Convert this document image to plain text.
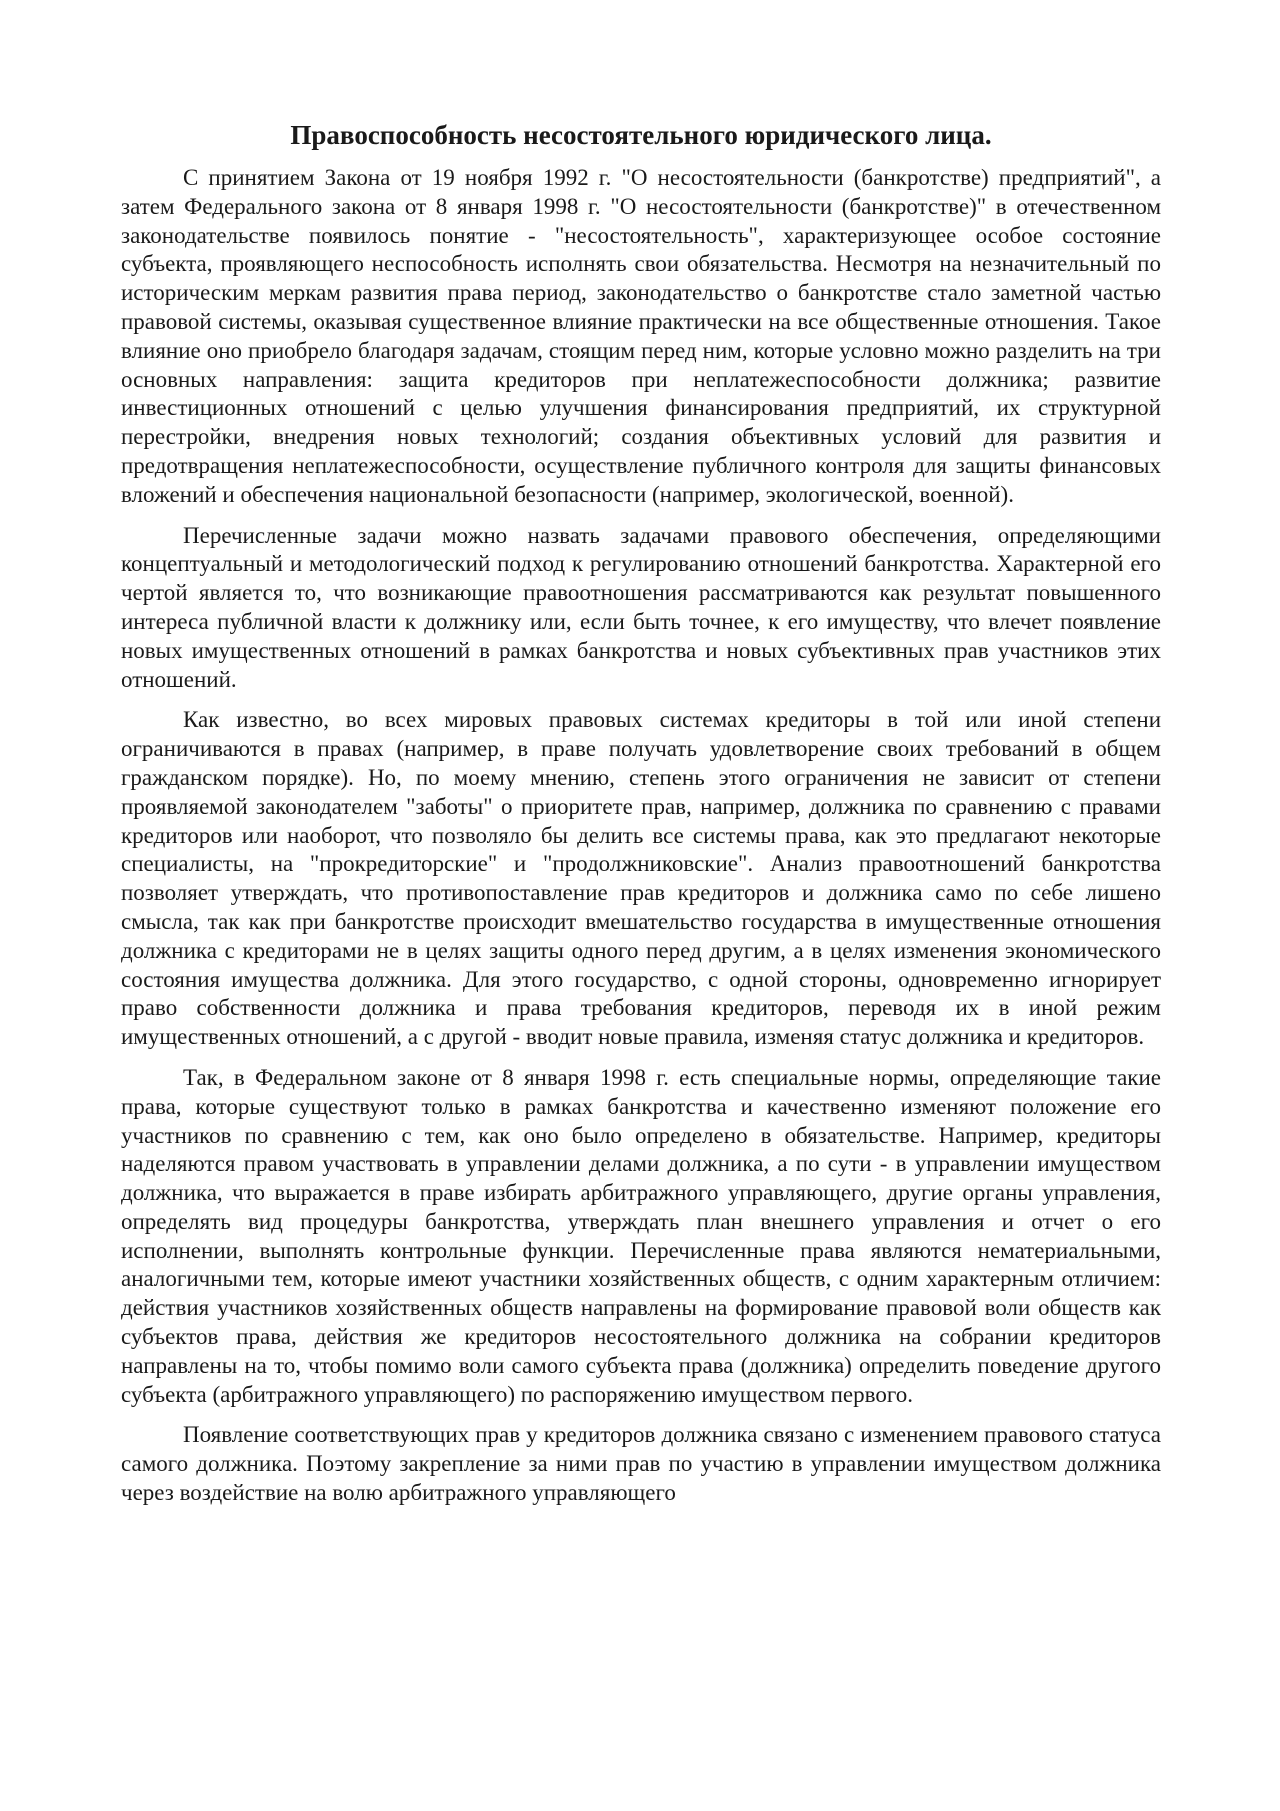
Правоспособность несостоятельного юридического лица.

С принятием Закона от 19 ноября 1992 г. "О несостоятельности (банкротстве) предприятий", а затем Федерального закона от 8 января 1998 г. "О несостоятельности (банкротстве)" в отечественном законодательстве появилось понятие - "несостоятельность", характеризующее особое состояние субъекта, проявляющего неспособность исполнять свои обязательства. Несмотря на незначительный по историческим меркам развития права период, законодательство о банкротстве стало заметной частью правовой системы, оказывая существенное влияние практически на все общественные отношения. Такое влияние оно приобрело благодаря задачам, стоящим перед ним, которые условно можно разделить на три основных направления: защита кредиторов при неплатежеспособности должника; развитие инвестиционных отношений с целью улучшения финансирования предприятий, их структурной перестройки, внедрения новых технологий; создания объективных условий для развития и предотвращения неплатежеспособности, осуществление публичного контроля для защиты финансовых вложений и обеспечения национальной безопасности (например, экологической, военной).

Перечисленные задачи можно назвать задачами правового обеспечения, определяющими концептуальный и методологический подход к регулированию отношений банкротства. Характерной его чертой является то, что возникающие правоотношения рассматриваются как результат повышенного интереса публичной власти к должнику или, если быть точнее, к его имуществу, что влечет появление новых имущественных отношений в рамках банкротства и новых субъективных прав участников этих отношений.

Как известно, во всех мировых правовых системах кредиторы в той или иной степени ограничиваются в правах (например, в праве получать удовлетворение своих требований в общем гражданском порядке). Но, по моему мнению, степень этого ограничения не зависит от степени проявляемой законодателем "заботы" о приоритете прав, например, должника по сравнению с правами кредиторов или наоборот, что позволяло бы делить все системы права, как это предлагают некоторые специалисты, на "прокредиторские" и "продолжниковские". Анализ правоотношений банкротства позволяет утверждать, что противопоставление прав кредиторов и должника само по себе лишено смысла, так как при банкротстве происходит вмешательство государства в имущественные отношения должника с кредиторами не в целях защиты одного перед другим, а в целях изменения экономического состояния имущества должника. Для этого государство, с одной стороны, одновременно игнорирует право собственности должника и права требования кредиторов, переводя их в иной режим имущественных отношений, а с другой - вводит новые правила, изменяя статус должника и кредиторов.

Так, в Федеральном законе от 8 января 1998 г. есть специальные нормы, определяющие такие права, которые существуют только в рамках банкротства и качественно изменяют положение его участников по сравнению с тем, как оно было определено в обязательстве. Например, кредиторы наделяются правом участвовать в управлении делами должника, а по сути - в управлении имуществом должника, что выражается в праве избирать арбитражного управляющего, другие органы управления, определять вид процедуры банкротства, утверждать план внешнего управления и отчет о его исполнении, выполнять контрольные функции. Перечисленные права являются нематериальными, аналогичными тем, которые имеют участники хозяйственных обществ, с одним характерным отличием: действия участников хозяйственных обществ направлены на формирование правовой воли обществ как субъектов права, действия же кредиторов несостоятельного должника на собрании кредиторов направлены на то, чтобы помимо воли самого субъекта права (должника) определить поведение другого субъекта (арбитражного управляющего) по распоряжению имуществом первого.

Появление соответствующих прав у кредиторов должника связано с изменением правового статуса самого должника. Поэтому закрепление за ними прав по участию в управлении имуществом должника через воздействие на волю арбитражного управляющего
